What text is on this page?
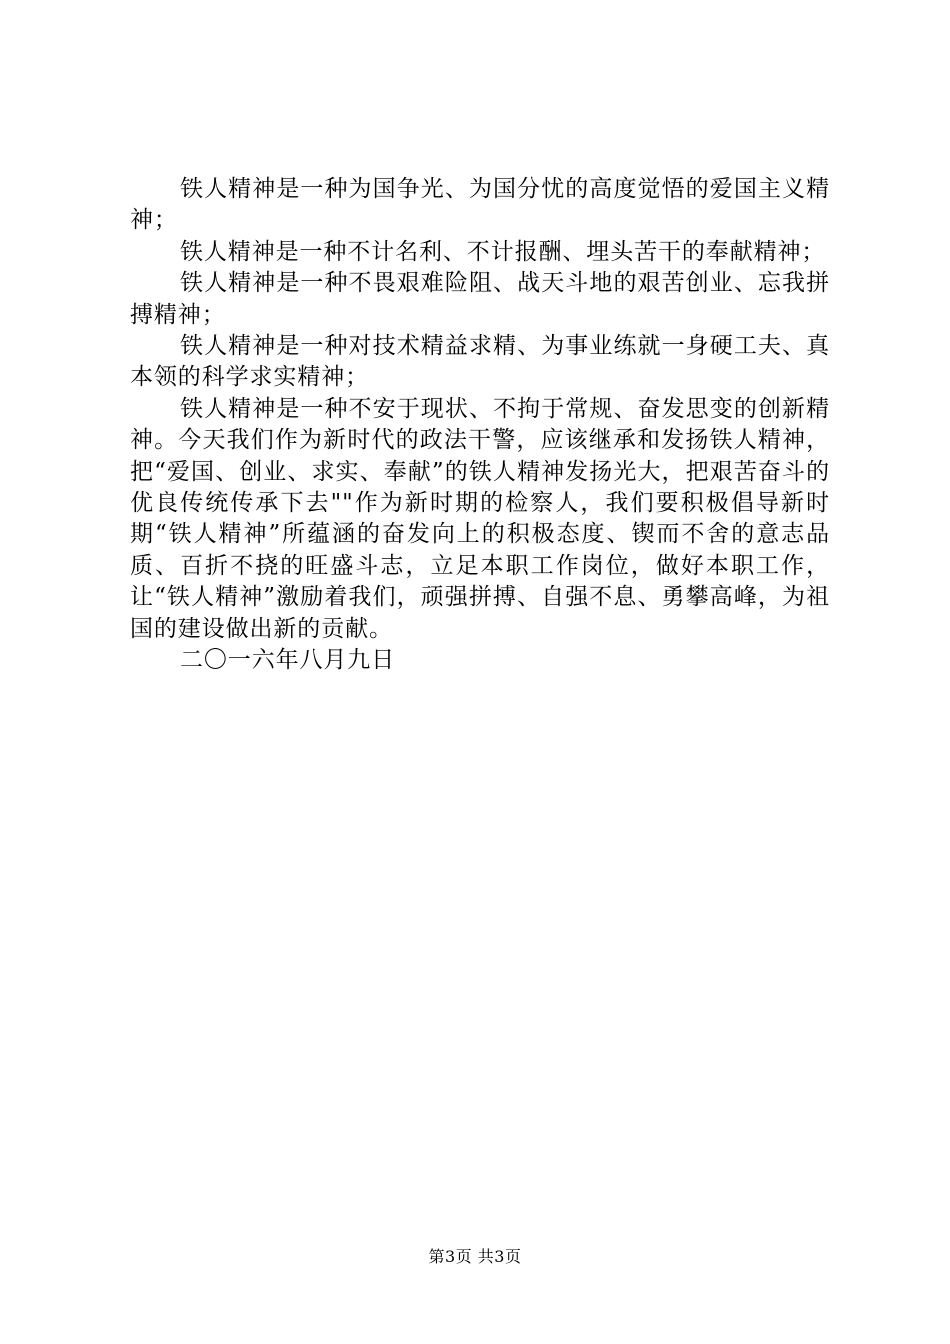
铁人精神是一种为国争光、为国分忧的高度觉悟的爱国主义精神；

铁人精神是一种不计名利、不计报酬、埋头苦干的奉献精神；

铁人精神是一种不畏艰难险阻、战天斗地的艰苦创业、忘我拼搏精神；

铁人精神是一种对技术精益求精、为事业练就一身硬工夫、真本领的科学求实精神；

铁人精神是一种不安于现状、不拘于常规、奋发思变的创新精神。今天我们作为新时代的政法干警，应该继承和发扬铁人精神，把“爱国、创业、求实、奉献”的铁人精神发扬光大，把艰苦奋斗的优良传统传承下去""作为新时期的检察人，我们要积极倡导新时期“铁人精神”所蕴涵的奋发向上的积极态度、锲而不舍的意志品质、百折不挠的旺盛斗志，立足本职工作岗位，做好本职工作，让“铁人精神”激励着我们，顽强拼搏、自强不息、勇攀高峰，为祖国的建设做出新的贡献。

二〇一六年八月九日

第3页 共3页
